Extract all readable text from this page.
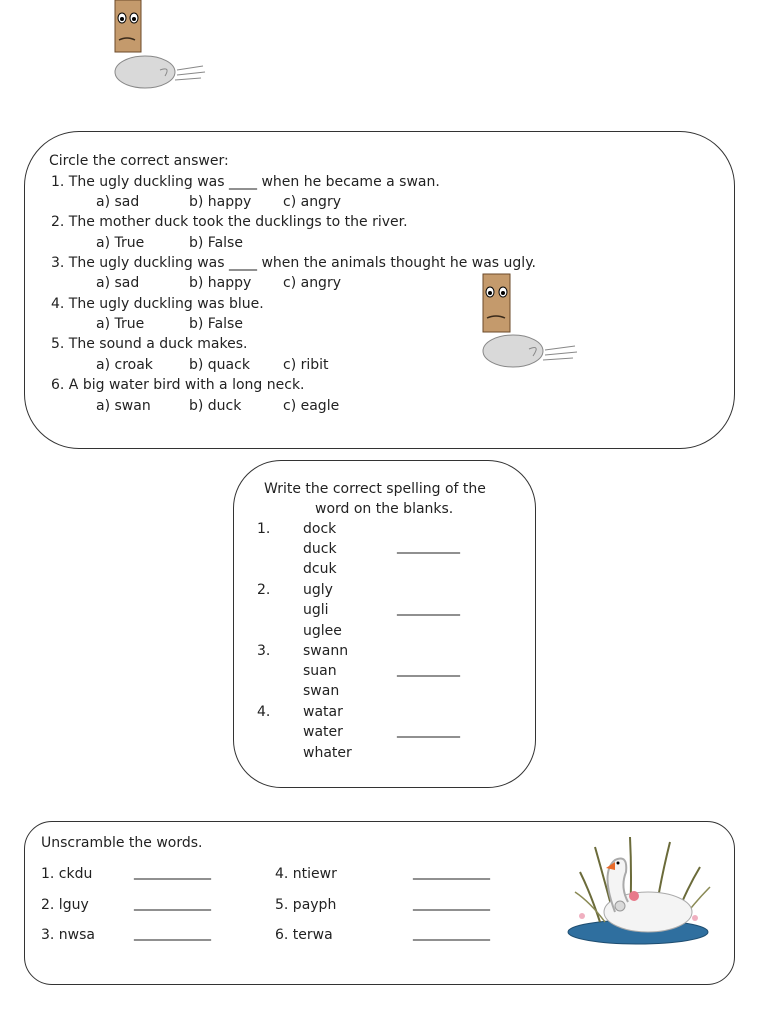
Circle the correct answer:
1. The ugly duckling was ____ when he became a swan.
a) sad	b) happy c) angry
2. The mother duck took the ducklings to the river.
a) True	b) False
3. The ugly duckling was ____ when the animals thought he was ugly.
a) sad	b) happy c) angry
4. The ugly duckling was blue.
a) True	b) False
5. The sound a duck makes.
a) croak	b) quack c) ribit
6. A big water bird with a long neck.
a) swan	b) duck	c) eagle
Write the correct spelling of the
word on the blanks.
1. dock
duck
dcuk
_________
2. ugly
ugli
uglee
_________
3. swann
suan
swan
_________
4. watar
water
whater
_________
Unscramble the words.
1. ckdu	___________
2. lguy	___________
3. nwsa	___________
4. ntiewr	___________
5. payph	___________
6. terwa	___________
